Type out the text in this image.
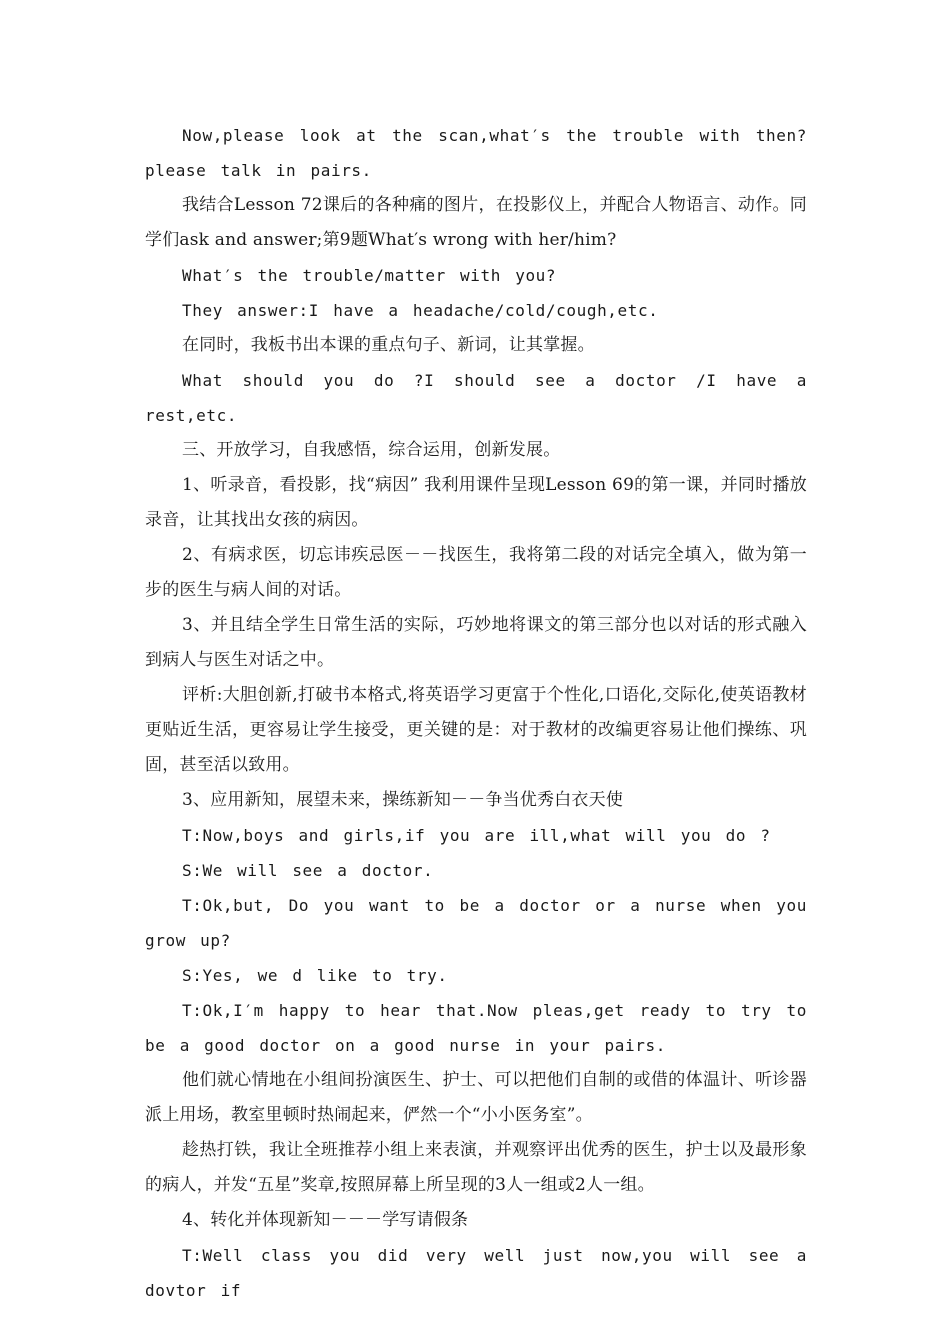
Now,please look at the scan,what′s the trouble with then?please talk in pairs.

我结合Lesson 72课后的各种痛的图片，在投影仪上，并配合人物语言、动作。同学们ask and answer;第9题What′s wrong with her/him?

What′s the trouble/matter with you?

They answer:I have a headache/cold/cough,etc.

在同时，我板书出本课的重点句子、新词，让其掌握。

What should you do ?I should see a doctor /I have a rest,etc.

三、开放学习，自我感悟，综合运用，创新发展。

1、听录音，看投影，找“病因” 我利用课件呈现Lesson 69的第一课，并同时播放录音，让其找出女孩的病因。

2、有病求医，切忘讳疾忌医－－找医生，我将第二段的对话完全填入，做为第一步的医生与病人间的对话。

3、并且结全学生日常生活的实际，巧妙地将课文的第三部分也以对话的形式融入到病人与医生对话之中。

评析:大胆创新,打破书本格式,将英语学习更富于个性化,口语化,交际化,使英语教材更贴近生活，更容易让学生接受，更关键的是：对于教材的改编更容易让他们操练、巩固，甚至活以致用。

3、应用新知，展望未来，操练新知－－争当优秀白衣天使

T:Now,boys and girls,if you are ill,what will you do ?

S:We will see a doctor.

T:Ok,but, Do you want to be a doctor or a nurse when you grow up?

S:Yes, we d like to try.

T:Ok,I′m happy to hear that.Now pleas,get ready to try to be a good doctor on a good nurse in your pairs.

他们就心情地在小组间扮演医生、护士、可以把他们自制的或借的体温计、听诊器派上用场，教室里顿时热闹起来，俨然一个“小小医务室”。

趁热打铁，我让全班推荐小组上来表演，并观察评出优秀的医生，护士以及最形象的病人，并发“五星”奖章,按照屏幕上所呈现的3人一组或2人一组。

4、转化并体现新知－－－学写请假条

T:Well class you did very well just now,you will see a dovtor if
